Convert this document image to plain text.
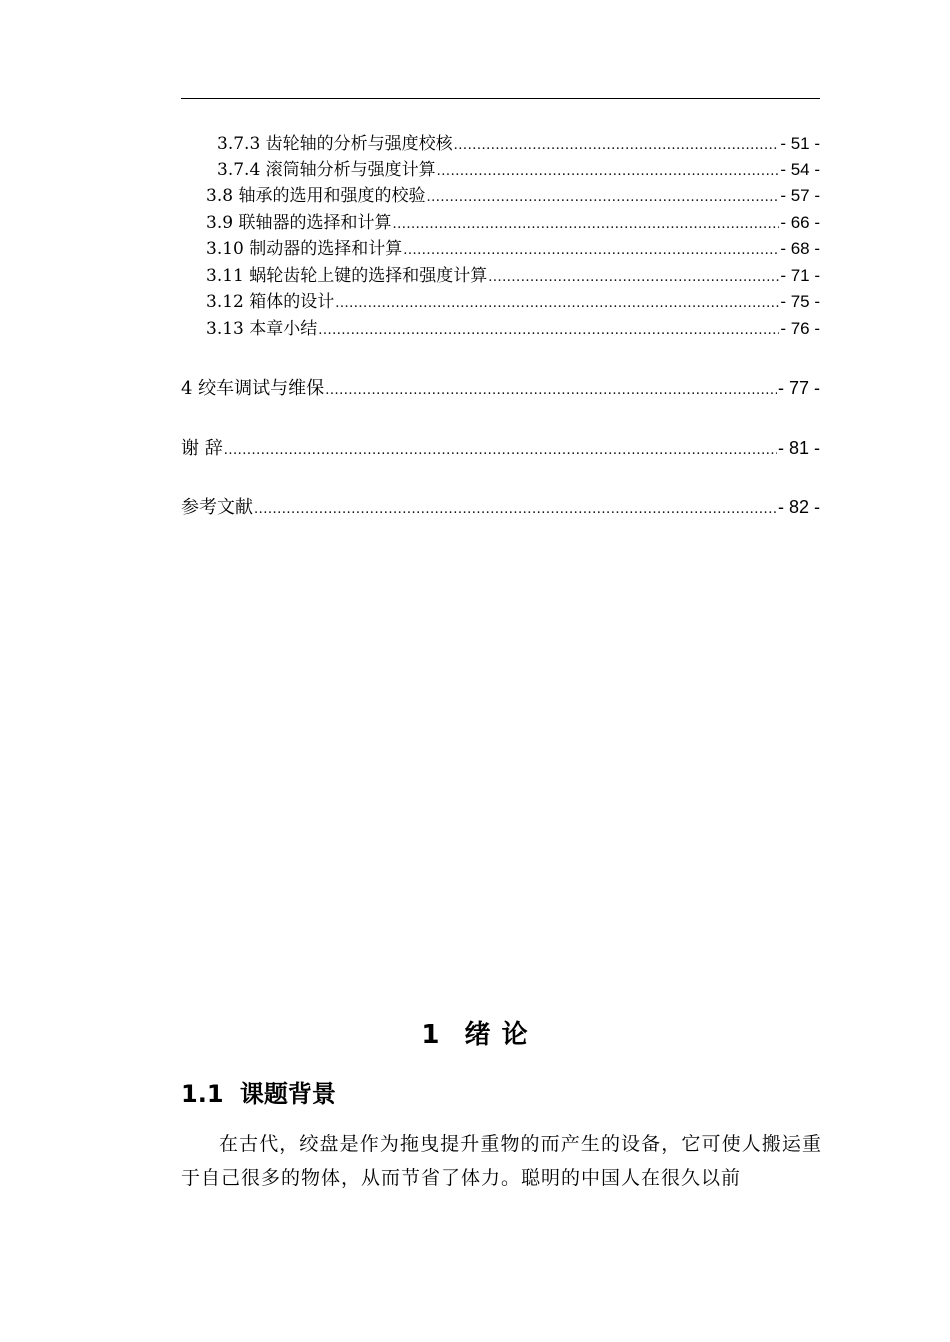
3.7.3 齿轮轴的分析与强度校核 .....	- 51 -
3.7.4 滚筒轴分析与强度计算 .....	- 54 -
3.8 轴承的选用和强度的校验 .....	- 57 -
3.9 联轴器的选择和计算 .....	- 66 -
3.10 制动器的选择和计算 .....	- 68 -
3.11 蜗轮齿轮上键的选择和强度计算 .....	- 71 -
3.12 箱体的设计 .....	- 75 -
3.13 本章小结 .....	- 76 -
4 绞车调试与维保 .....	- 77 -
谢 辞 .....	- 81 -
参考文献 .....	- 82 -
1 绪 论
1.1 课题背景
在古代，绞盘是作为拖曳提升重物的而产生的设备，它可使人搬运重于自己很多的物体，从而节省了体力。聪明的中国人在很久以前
